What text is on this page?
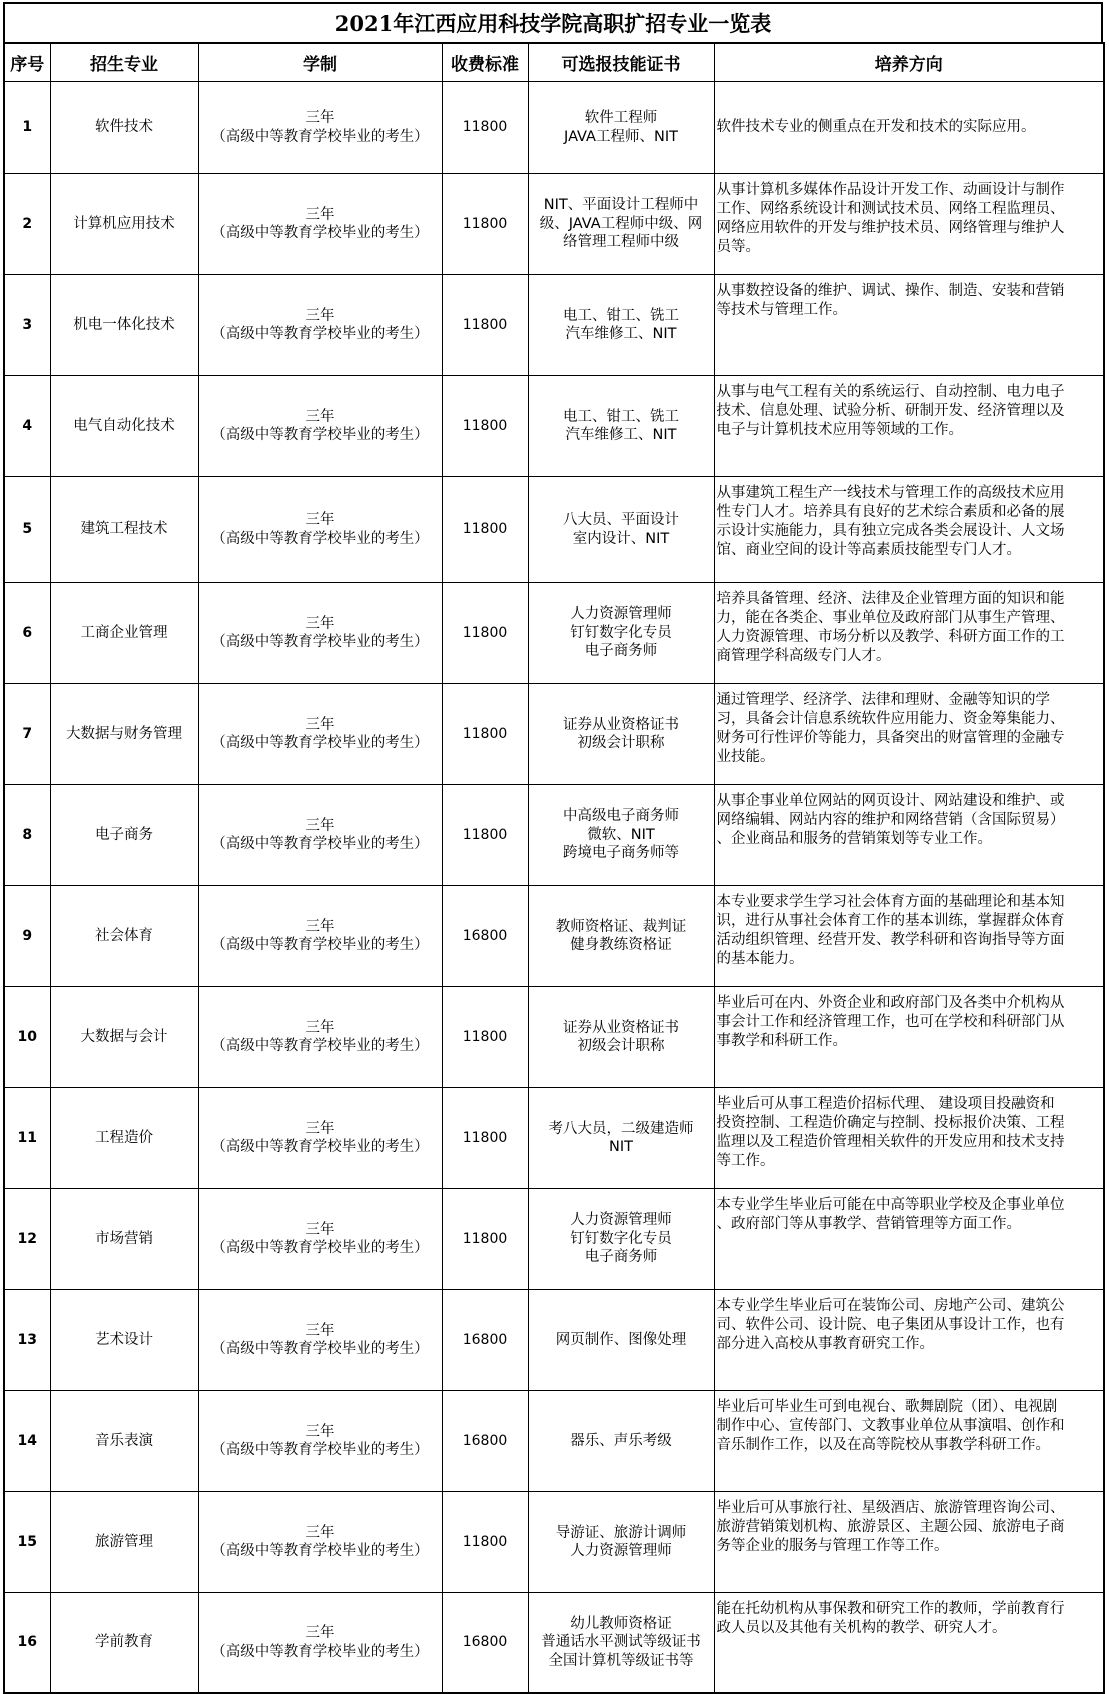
2021年江西应用科技学院高职扩招专业一览表
序号	招生专业	学制	收费标准	可选报技能证书	培养方向
1	软件技术	三年
（高级中等教育学校毕业的考生）	11800	软件工程师
JAVA工程师、NIT	软件技术专业的侧重点在开发和技术的实际应用。

2	计算机应用技术	三年
（高级中等教育学校毕业的考生）	11800	NIT、平面设计工程师中
级、JAVA工程师中级、网
络管理工程师中级	从事计算机多媒体作品设计开发工作、动画设计与制作
工作、网络系统设计和测试技术员、网络工程监理员、
网络应用软件的开发与维护技术员、网络管理与维护人
员等。

3	机电一体化技术	三年
（高级中等教育学校毕业的考生）	11800	电工、钳工、铣工
汽车维修工、NIT	从事数控设备的维护、调试、操作、制造、安装和营销
等技术与管理工作。

4	电气自动化技术	三年
（高级中等教育学校毕业的考生）	11800	电工、钳工、铣工
汽车维修工、NIT	从事与电气工程有关的系统运行、自动控制、电力电子
技术、信息处理、试验分析、研制开发、经济管理以及
电子与计算机技术应用等领域的工作。

5	建筑工程技术	三年
（高级中等教育学校毕业的考生）	11800	八大员、平面设计
室内设计、NIT	从事建筑工程生产一线技术与管理工作的高级技术应用
性专门人才。培养具有良好的艺术综合素质和必备的展
示设计实施能力，具有独立完成各类会展设计、人文场
馆、商业空间的设计等高素质技能型专门人才。

6	工商企业管理	三年
（高级中等教育学校毕业的考生）	11800	人力资源管理师
钉钉数字化专员
电子商务师	培养具备管理、经济、法律及企业管理方面的知识和能
力，能在各类企、事业单位及政府部门从事生产管理、
人力资源管理、市场分析以及教学、科研方面工作的工
商管理学科高级专门人才。

7	大数据与财务管理	三年
（高级中等教育学校毕业的考生）	11800	证券从业资格证书
初级会计职称	通过管理学、经济学、法律和理财、金融等知识的学
习，具备会计信息系统软件应用能力、资金筹集能力、
财务可行性评价等能力，具备突出的财富管理的金融专
业技能。

8	电子商务	三年
（高级中等教育学校毕业的考生）	11800	中高级电子商务师
微软、NIT
跨境电子商务师等	从事企事业单位网站的网页设计、网站建设和维护、或
网络编辑、网站内容的维护和网络营销（含国际贸易）
、企业商品和服务的营销策划等专业工作。

9	社会体育	三年
（高级中等教育学校毕业的考生）	16800	教师资格证、裁判证
健身教练资格证	本专业要求学生学习社会体育方面的基础理论和基本知
识，进行从事社会体育工作的基本训练，掌握群众体育
活动组织管理、经营开发、教学科研和咨询指导等方面
的基本能力。

10	大数据与会计	三年
（高级中等教育学校毕业的考生）	11800	证券从业资格证书
初级会计职称	毕业后可在内、外资企业和政府部门及各类中介机构从
事会计工作和经济管理工作，也可在学校和科研部门从
事教学和科研工作。

11	工程造价	三年
（高级中等教育学校毕业的考生）	11800	考八大员，二级建造师
NIT	毕业后可从事工程造价招标代理、 建设项目投融资和
投资控制、工程造价确定与控制、投标报价决策、工程
监理以及工程造价管理相关软件的开发应用和技术支持
等工作。

12	市场营销	三年
（高级中等教育学校毕业的考生）	11800	人力资源管理师
钉钉数字化专员
电子商务师	本专业学生毕业后可能在中高等职业学校及企事业单位
、政府部门等从事教学、营销管理等方面工作。

13	艺术设计	三年
（高级中等教育学校毕业的考生）	16800	网页制作、图像处理	本专业学生毕业后可在装饰公司、房地产公司、建筑公
司、软件公司、设计院、电子集团从事设计工作，也有
部分进入高校从事教育研究工作。

14	音乐表演	三年
（高级中等教育学校毕业的考生）	16800	器乐、声乐考级	毕业后可毕业生可到电视台、歌舞剧院（团）、电视剧
制作中心、宣传部门、文教事业单位从事演唱、创作和
音乐制作工作，以及在高等院校从事教学科研工作。

15	旅游管理	三年
（高级中等教育学校毕业的考生）	11800	导游证、旅游计调师
人力资源管理师	毕业后可从事旅行社、星级酒店、旅游管理咨询公司、
旅游营销策划机构、旅游景区、主题公园、旅游电子商
务等企业的服务与管理工作等工作。

16	学前教育	三年
（高级中等教育学校毕业的考生）	16800	幼儿教师资格证
普通话水平测试等级证书
全国计算机等级证书等	能在托幼机构从事保教和研究工作的教师，学前教育行
政人员以及其他有关机构的教学、研究人才。
